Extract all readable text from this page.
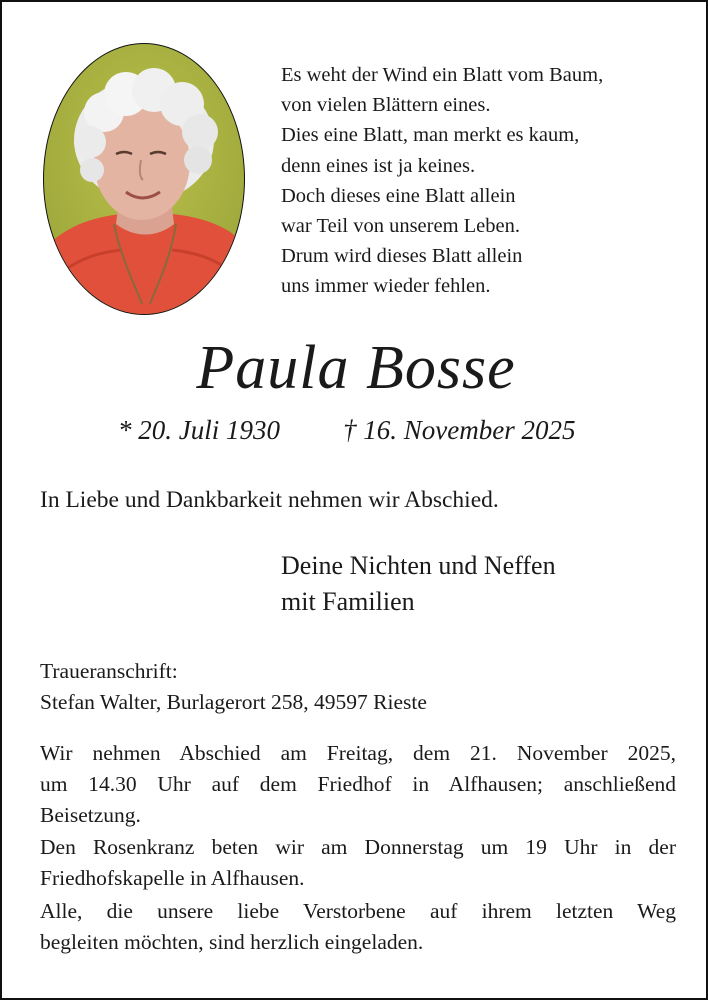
Es weht der Wind ein Blatt vom Baum,
von vielen Blättern eines.
Dies eine Blatt, man merkt es kaum,
denn eines ist ja keines.
Doch dieses eine Blatt allein
war Teil von unserem Leben.
Drum wird dieses Blatt allein
uns immer wieder fehlen.
Paula Bosse
* 20. Juli 1930 † 16. November 2025
In Liebe und Dankbarkeit nehmen wir Abschied.
Deine Nichten und Neffen
mit Familien
Traueranschrift:
Stefan Walter, Burlagerort 258, 49597 Rieste
Wir nehmen Abschied am Freitag, dem 21. November 2025,
um 14.30 Uhr auf dem Friedhof in Alfhausen; anschließend
Beisetzung.
Den Rosenkranz beten wir am Donnerstag um 19 Uhr in der
Friedhofskapelle in Alfhausen.
Alle, die unsere liebe Verstorbene auf ihrem letzten Weg
begleiten möchten, sind herzlich eingeladen.
